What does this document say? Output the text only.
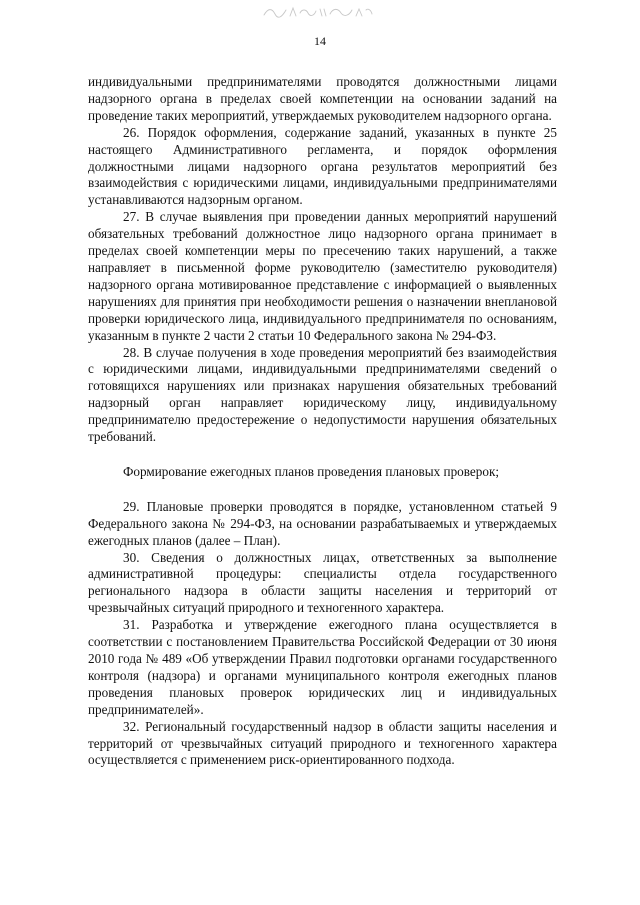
14

индивидуальными предпринимателями проводятся должностными лицами надзорного органа в пределах своей компетенции на основании заданий на проведение таких мероприятий, утверждаемых руководителем надзорного органа.

26. Порядок оформления, содержание заданий, указанных в пункте 25 настоящего Административного регламента, и порядок оформления должностными лицами надзорного органа результатов мероприятий без взаимодействия с юридическими лицами, индивидуальными предпринимателями устанавливаются надзорным органом.

27. В случае выявления при проведении данных мероприятий нарушений обязательных требований должностное лицо надзорного органа принимает в пределах своей компетенции меры по пресечению таких нарушений, а также направляет в письменной форме руководителю (заместителю руководителя) надзорного органа мотивированное представление с информацией о выявленных нарушениях для принятия при необходимости решения о назначении внеплановой проверки юридического лица, индивидуального предпринимателя по основаниям, указанным в пункте 2 части 2 статьи 10 Федерального закона № 294-ФЗ.

28. В случае получения в ходе проведения мероприятий без взаимодействия с юридическими лицами, индивидуальными предпринимателями сведений о готовящихся нарушениях или признаках нарушения обязательных требований надзорный орган направляет юридическому лицу, индивидуальному предпринимателю предостережение о недопустимости нарушения обязательных требований.

Формирование ежегодных планов проведения плановых проверок;

29. Плановые проверки проводятся в порядке, установленном статьей 9 Федерального закона № 294-ФЗ, на основании разрабатываемых и утверждаемых ежегодных планов (далее – План).

30. Сведения о должностных лицах, ответственных за выполнение административной процедуры: специалисты отдела государственного регионального надзора в области защиты населения и территорий от чрезвычайных ситуаций природного и техногенного характера.

31. Разработка и утверждение ежегодного плана осуществляется в соответствии с постановлением Правительства Российской Федерации от 30 июня 2010 года № 489 «Об утверждении Правил подготовки органами государственного контроля (надзора) и органами муниципального контроля ежегодных планов проведения плановых проверок юридических лиц и индивидуальных предпринимателей».

32. Региональный государственный надзор в области защиты населения и территорий от чрезвычайных ситуаций природного и техногенного характера осуществляется с применением риск-ориентированного подхода.
